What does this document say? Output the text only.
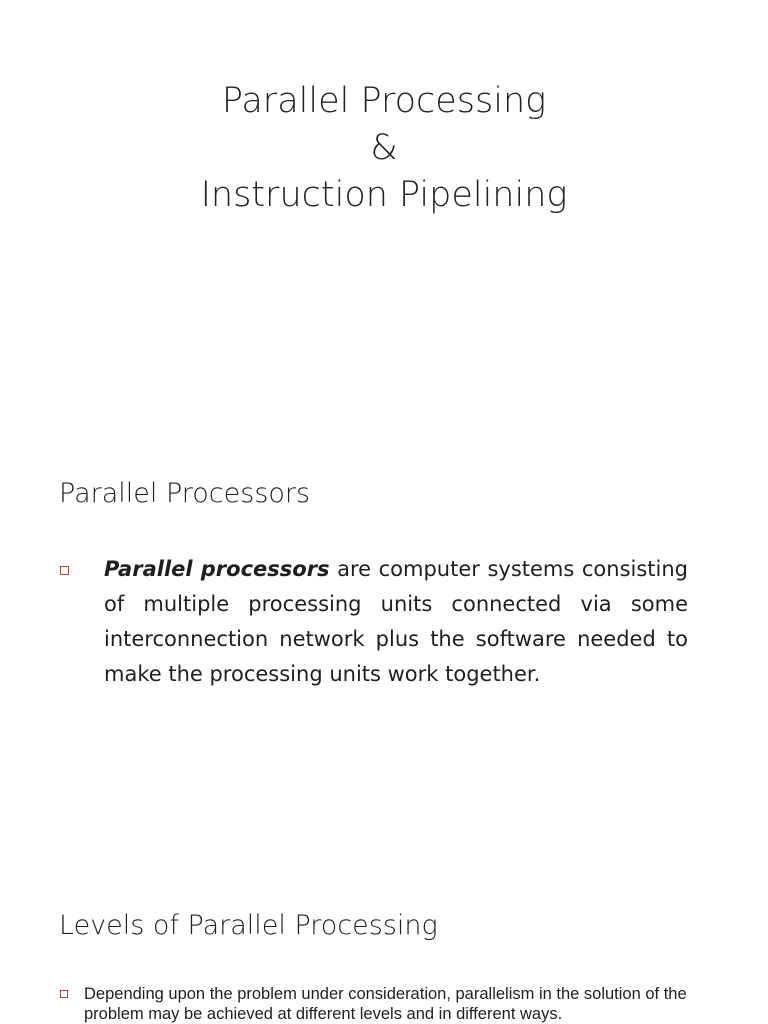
Parallel Processing
&
Instruction Pipelining
Parallel Processors
Parallel processors are computer systems consisting of multiple processing units connected via some interconnection network plus the software needed to make the processing units work together.
Levels of Parallel Processing
Depending upon the problem under consideration, parallelism in the solution of the problem may be achieved at different levels and in different ways.
